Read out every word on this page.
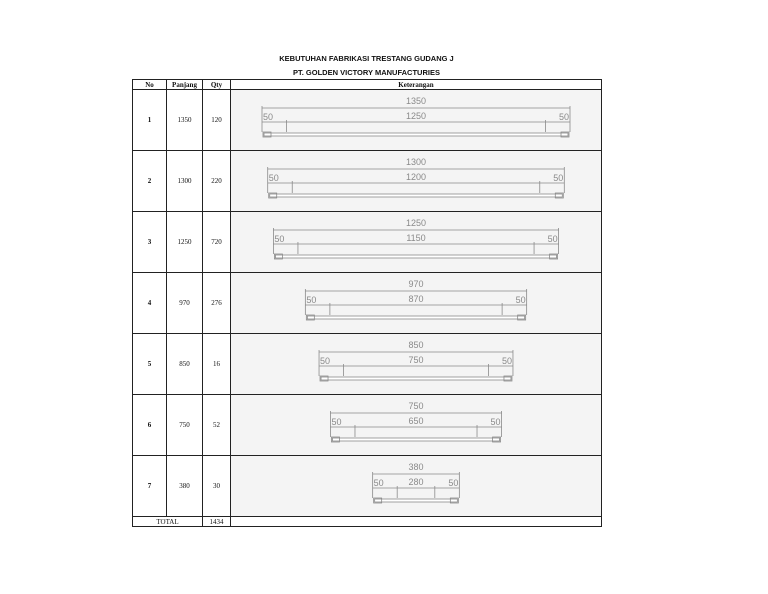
KEBUTUHAN FABRIKASI TRESTANG GUDANG J
PT. GOLDEN VICTORY MANUFACTURIES
No	Panjang	Qty	Keterangan
1	1350	120	1350
1250
50 50

2	1300	220	1300
1200
50 50

3	1250	720	1250
1150
50 50

4	970	276	970
870
50 50

5	850	16	850
750
50 50

6	750	52	750
650
50 50

7	380	30	380
280
50 50

TOTAL		1434	
